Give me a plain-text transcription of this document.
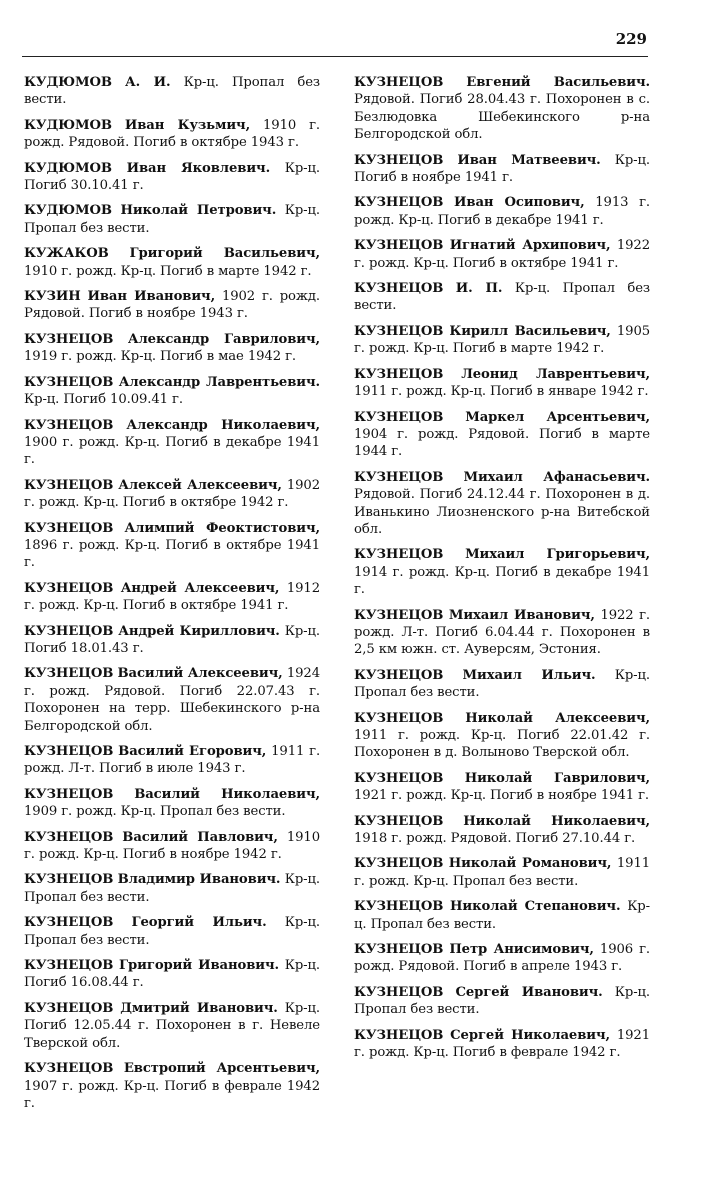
229
КУДЮМОВ А. И. Кр-ц. Пропал без вести.
КУДЮМОВ Иван Кузьмич, 1910 г. рожд. Рядовой. Погиб в октябре 1943 г.
КУДЮМОВ Иван Яковлевич. Кр-ц. Погиб 30.10.41 г.
КУДЮМОВ Николай Петрович. Кр-ц. Пропал без вести.
КУЖАКОВ Григорий Васильевич, 1910 г. рожд. Кр-ц. Погиб в марте 1942 г.
КУЗИН Иван Иванович, 1902 г. рожд. Рядовой. Погиб в ноябре 1943 г.
КУЗНЕЦОВ Александр Гаврилович, 1919 г. рожд. Кр-ц. Погиб в мае 1942 г.
КУЗНЕЦОВ Александр Лаврентьевич. Кр-ц. Погиб 10.09.41 г.
КУЗНЕЦОВ Александр Николаевич, 1900 г. рожд. Кр-ц. Погиб в декабре 1941 г.
КУЗНЕЦОВ Алексей Алексеевич, 1902 г. рожд. Кр-ц. Погиб в октябре 1942 г.
КУЗНЕЦОВ Алимпий Феоктистович, 1896 г. рожд. Кр-ц. Погиб в октябре 1941 г.
КУЗНЕЦОВ Андрей Алексеевич, 1912 г. рожд. Кр-ц. Погиб в октябре 1941 г.
КУЗНЕЦОВ Андрей Кириллович. Кр-ц. Погиб 18.01.43 г.
КУЗНЕЦОВ Василий Алексеевич, 1924 г. рожд. Рядовой. Погиб 22.07.43 г. Похоронен на терр. Шебекинского р-на Белгородской обл.
КУЗНЕЦОВ Василий Егорович, 1911 г. рожд. Л-т. Погиб в июле 1943 г.
КУЗНЕЦОВ Василий Николаевич, 1909 г. рожд. Кр-ц. Пропал без вести.
КУЗНЕЦОВ Василий Павлович, 1910 г. рожд. Кр-ц. Погиб в ноябре 1942 г.
КУЗНЕЦОВ Владимир Иванович. Кр-ц. Пропал без вести.
КУЗНЕЦОВ Георгий Ильич. Кр-ц. Пропал без вести.
КУЗНЕЦОВ Григорий Иванович. Кр-ц. Погиб 16.08.44 г.
КУЗНЕЦОВ Дмитрий Иванович. Кр-ц. Погиб 12.05.44 г. Похоронен в г. Невеле Тверской обл.
КУЗНЕЦОВ Евстропий Арсентьевич, 1907 г. рожд. Кр-ц. Погиб в феврале 1942 г.
КУЗНЕЦОВ Евгений Васильевич. Рядовой. Погиб 28.04.43 г. Похоронен в с. Безлюдовка Шебекинского р-на Белгородской обл.
КУЗНЕЦОВ Иван Матвеевич. Кр-ц. Погиб в ноябре 1941 г.
КУЗНЕЦОВ Иван Осипович, 1913 г. рожд. Кр-ц. Погиб в декабре 1941 г.
КУЗНЕЦОВ Игнатий Архипович, 1922 г. рожд. Кр-ц. Погиб в октябре 1941 г.
КУЗНЕЦОВ И. П. Кр-ц. Пропал без вести.
КУЗНЕЦОВ Кирилл Васильевич, 1905 г. рожд. Кр-ц. Погиб в марте 1942 г.
КУЗНЕЦОВ Леонид Лаврентьевич, 1911 г. рожд. Кр-ц. Погиб в январе 1942 г.
КУЗНЕЦОВ Маркел Арсентьевич, 1904 г. рожд. Рядовой. Погиб в марте 1944 г.
КУЗНЕЦОВ Михаил Афанасьевич. Рядовой. Погиб 24.12.44 г. Похоронен в д. Иванькино Лиозненского р-на Витебской обл.
КУЗНЕЦОВ Михаил Григорьевич, 1914 г. рожд. Кр-ц. Погиб в декабре 1941 г.
КУЗНЕЦОВ Михаил Иванович, 1922 г. рожд. Л-т. Погиб 6.04.44 г. Похоронен в 2,5 км южн. ст. Ауверсям, Эстония.
КУЗНЕЦОВ Михаил Ильич. Кр-ц. Пропал без вести.
КУЗНЕЦОВ Николай Алексеевич, 1911 г. рожд. Кр-ц. Погиб 22.01.42 г. Похоронен в д. Волыново Тверской обл.
КУЗНЕЦОВ Николай Гаврилович, 1921 г. рожд. Кр-ц. Погиб в ноябре 1941 г.
КУЗНЕЦОВ Николай Николаевич, 1918 г. рожд. Рядовой. Погиб 27.10.44 г.
КУЗНЕЦОВ Николай Романович, 1911 г. рожд. Кр-ц. Пропал без вести.
КУЗНЕЦОВ Николай Степанович. Кр-ц. Пропал без вести.
КУЗНЕЦОВ Петр Анисимович, 1906 г. рожд. Рядовой. Погиб в апреле 1943 г.
КУЗНЕЦОВ Сергей Иванович. Кр-ц. Пропал без вести.
КУЗНЕЦОВ Сергей Николаевич, 1921 г. рожд. Кр-ц. Погиб в феврале 1942 г.
